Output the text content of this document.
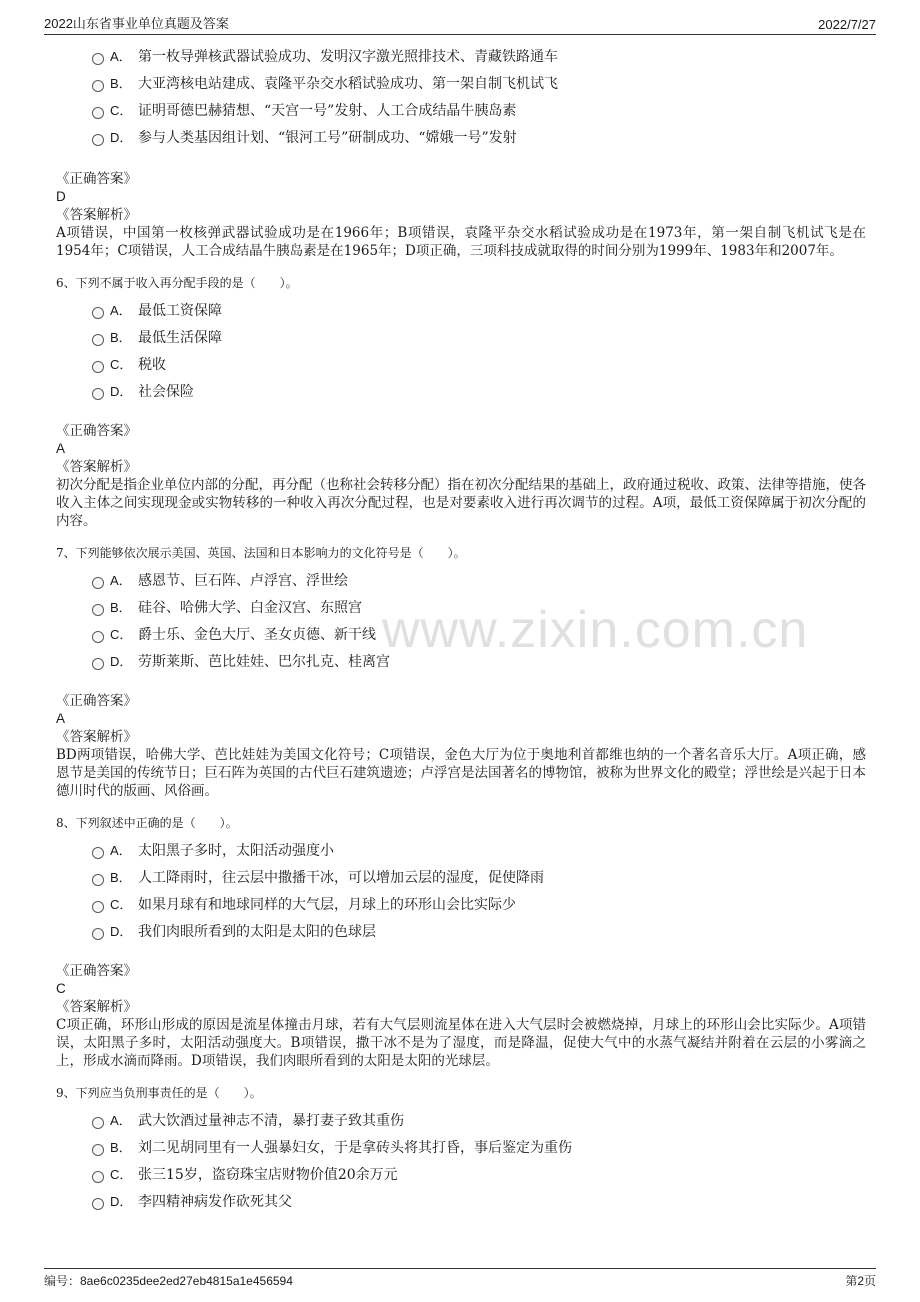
2022山东省事业单位真题及答案	2022/7/27
www.zixin.com.cn
A． 第一枚导弹核武器试验成功、发明汉字激光照排技术、青藏铁路通车
B． 大亚湾核电站建成、袁隆平杂交水稻试验成功、第一架自制飞机试飞
C． 证明哥德巴赫猜想、“天宫一号”发射、人工合成结晶牛胰岛素
D． 参与人类基因组计划、“银河工号”研制成功、“嫦娥一号”发射

《正确答案》

D

《答案解析》

A项错误，中国第一枚核弹武器试验成功是在1966年；B项错误，袁隆平杂交水稻试验成功是在1973年，第一架自制飞机试飞是在1954年；C项错误，人工合成结晶牛胰岛素是在1965年；D项正确，三项科技成就取得的时间分别为1999年、1983年和2007年。

6、下列不属于收入再分配手段的是（　　）。
A． 最低工资保障
B． 最低生活保障
C． 税收
D． 社会保险

《正确答案》

A

《答案解析》

初次分配是指企业单位内部的分配，再分配（也称社会转移分配）指在初次分配结果的基础上，政府通过税收、政策、法律等措施，使各收入主体之间实现现金或实物转移的一种收入再次分配过程，也是对要素收入进行再次调节的过程。A项，最低工资保障属于初次分配的内容。

7、下列能够依次展示美国、英国、法国和日本影响力的文化符号是（　　）。
A． 感恩节、巨石阵、卢浮宫、浮世绘
B． 硅谷、哈佛大学、白金汉宫、东照宫
C． 爵士乐、金色大厅、圣女贞德、新干线
D． 劳斯莱斯、芭比娃娃、巴尔扎克、桂离宫

《正确答案》

A

《答案解析》

BD两项错误，哈佛大学、芭比娃娃为美国文化符号；C项错误，金色大厅为位于奥地利首都维也纳的一个著名音乐大厅。A项正确，感恩节是美国的传统节日；巨石阵为英国的古代巨石建筑遗迹；卢浮宫是法国著名的博物馆，被称为世界文化的殿堂；浮世绘是兴起于日本德川时代的版画、风俗画。

8、下列叙述中正确的是（　　）。
A． 太阳黑子多时，太阳活动强度小
B． 人工降雨时，往云层中撒播干冰，可以增加云层的湿度，促使降雨
C． 如果月球有和地球同样的大气层，月球上的环形山会比实际少
D． 我们肉眼所看到的太阳是太阳的色球层

《正确答案》

C

《答案解析》

C项正确，环形山形成的原因是流星体撞击月球，若有大气层则流星体在进入大气层时会被燃烧掉，月球上的环形山会比实际少。A项错误，太阳黑子多时，太阳活动强度大。B项错误，撒干冰不是为了湿度，而是降温，促使大气中的水蒸气凝结并附着在云层的小雾滴之上，形成水滴而降雨。D项错误，我们肉眼所看到的太阳是太阳的光球层。

9、下列应当负刑事责任的是（　　）。
A． 武大饮酒过量神志不清，暴打妻子致其重伤
B． 刘二见胡同里有一人强暴妇女，于是拿砖头将其打昏，事后鉴定为重伤
C． 张三15岁，盗窃珠宝店财物价值20余万元
D． 李四精神病发作砍死其父
编号：8ae6c0235dee2ed27eb4815a1e456594	第2页
